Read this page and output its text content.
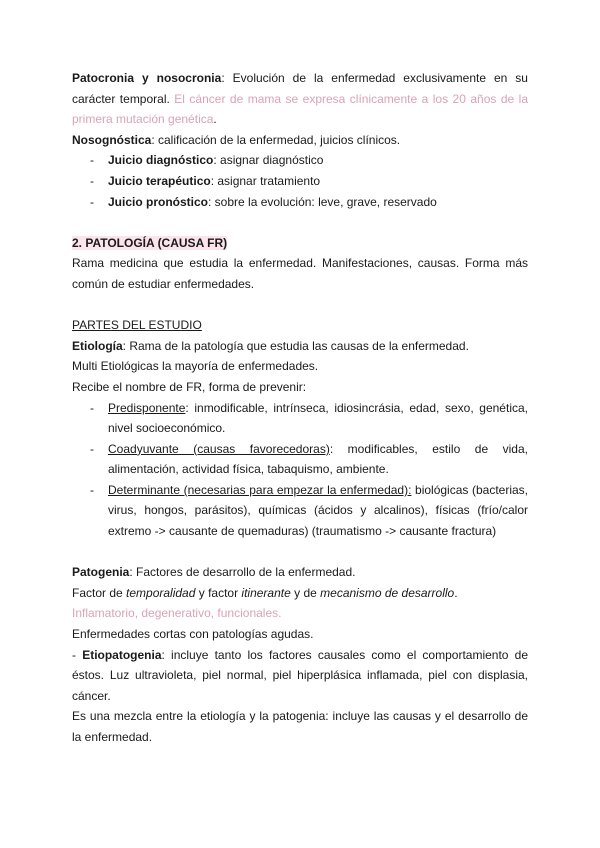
Patocronia y nosocronia: Evolución de la enfermedad exclusivamente en su carácter temporal. El cáncer de mama se expresa clínicamente a los 20 años de la primera mutación genética.

Nosognóstica: calificación de la enfermedad, juicios clínicos.

- Juicio diagnóstico: asignar diagnóstico
- Juicio terapéutico: asignar tratamiento
- Juicio pronóstico: sobre la evolución: leve, grave, reservado

2. PATOLOGÍA (CAUSA FR)

Rama medicina que estudia la enfermedad. Manifestaciones, causas. Forma más común de estudiar enfermedades.

PARTES DEL ESTUDIO

Etiología: Rama de la patología que estudia las causas de la enfermedad.

Multi Etiológicas la mayoría de enfermedades.

Recibe el nombre de FR, forma de prevenir:

- Predisponente: inmodificable, intrínseca, idiosincrásia, edad, sexo, genética, nivel socioeconómico.
- Coadyuvante (causas favorecedoras): modificables, estilo de vida, alimentación, actividad física, tabaquismo, ambiente.
- Determinante (necesarias para empezar la enfermedad): biológicas (bacterias, virus, hongos, parásitos), químicas (ácidos y alcalinos), físicas (frío/calor extremo -> causante de quemaduras) (traumatismo -> causante fractura)

Patogenia: Factores de desarrollo de la enfermedad.

Factor de temporalidad y factor itinerante y de mecanismo de desarrollo.

Inflamatorio, degenerativo, funcionales.

Enfermedades cortas con patologías agudas.

- Etiopatogenia: incluye tanto los factores causales como el comportamiento de éstos. Luz ultravioleta, piel normal, piel hiperplásica inflamada, piel con displasia, cáncer.

Es una mezcla entre la etiología y la patogenia: incluye las causas y el desarrollo de la enfermedad.
